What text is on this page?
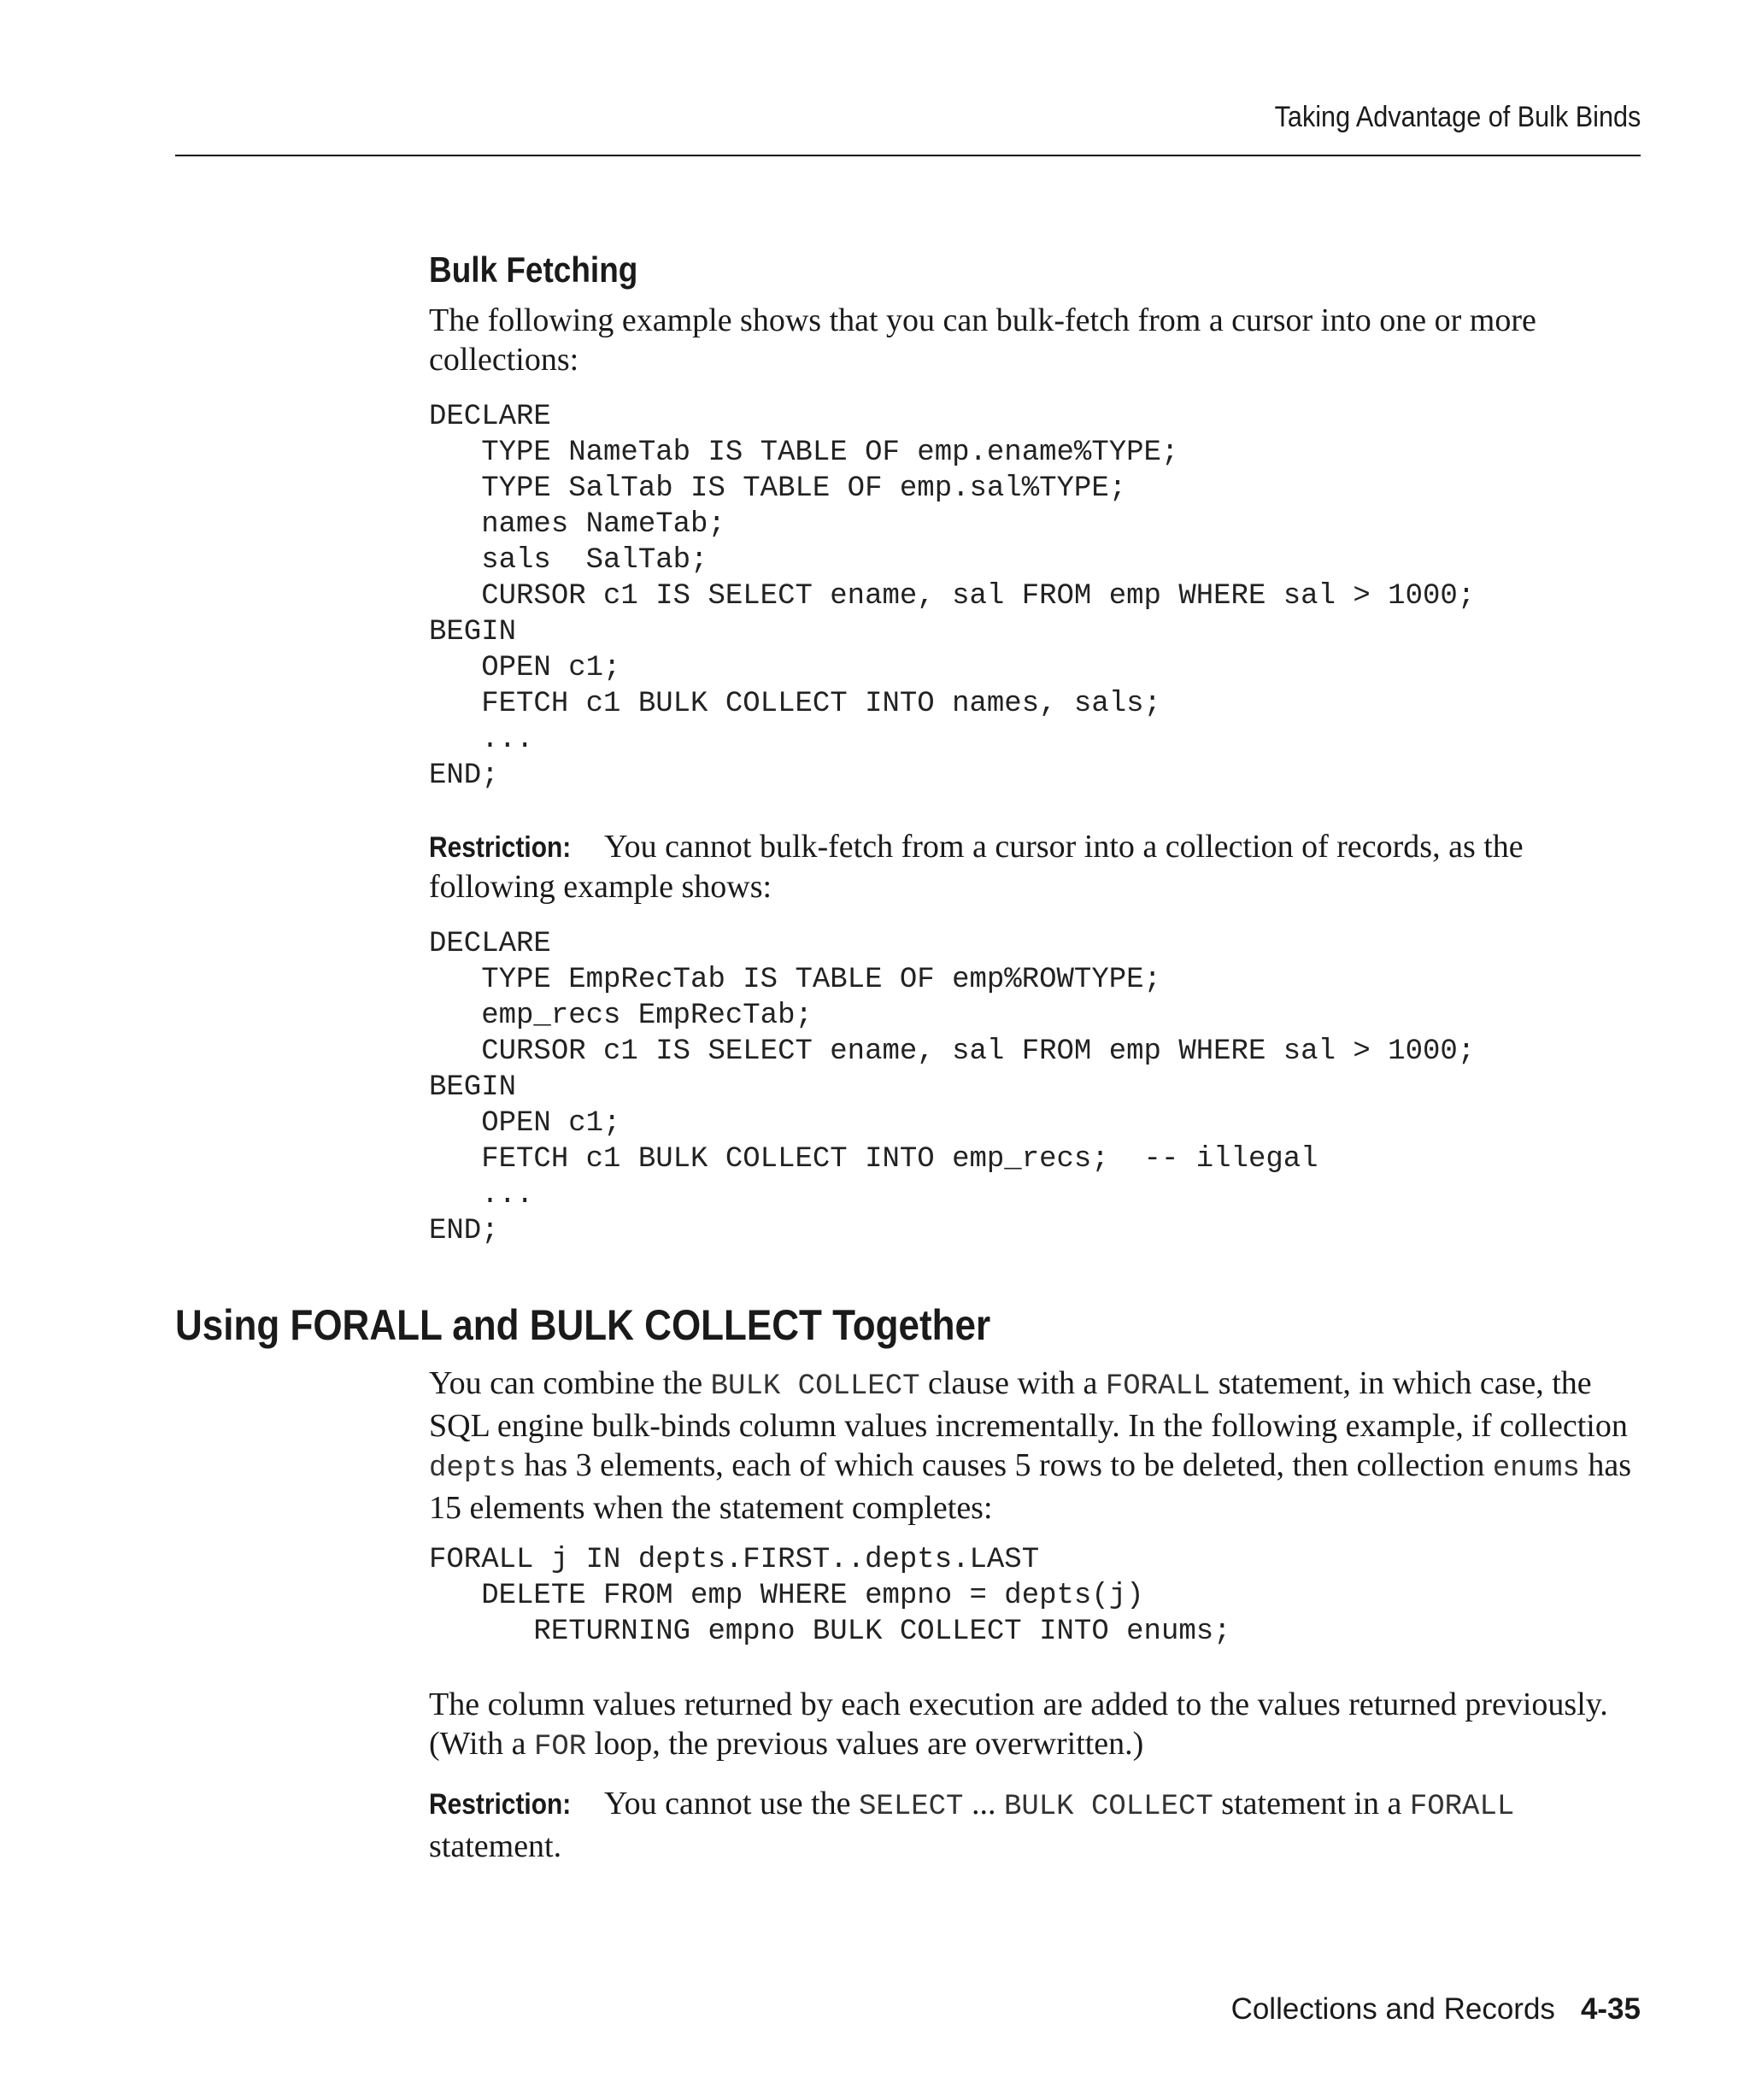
Taking Advantage of Bulk Binds
Bulk Fetching

The following example shows that you can bulk-fetch from a cursor into one or more collections:

DECLARE
TYPE NameTab IS TABLE OF emp.ename%TYPE;
TYPE SalTab IS TABLE OF emp.sal%TYPE;
names NameTab;
sals  SalTab;
CURSOR c1 IS SELECT ename, sal FROM emp WHERE sal > 1000;
BEGIN
OPEN c1;
FETCH c1 BULK COLLECT INTO names, sals;
...
END;

Restriction: You cannot bulk-fetch from a cursor into a collection of records, as the following example shows:

DECLARE
TYPE EmpRecTab IS TABLE OF emp%ROWTYPE;
emp_recs EmpRecTab;
CURSOR c1 IS SELECT ename, sal FROM emp WHERE sal > 1000;
BEGIN
OPEN c1;
FETCH c1 BULK COLLECT INTO emp_recs;  -- illegal
...
END;
Using FORALL and BULK COLLECT Together

You can combine the BULK COLLECT clause with a FORALL statement, in which case, the SQL engine bulk-binds column values incrementally. In the following example, if collection depts has 3 elements, each of which causes 5 rows to be deleted, then collection enums has 15 elements when the statement completes:

FORALL j IN depts.FIRST..depts.LAST
DELETE FROM emp WHERE empno = depts(j)
RETURNING empno BULK COLLECT INTO enums;

The column values returned by each execution are added to the values returned previously. (With a FOR loop, the previous values are overwritten.)

Restriction: You cannot use the SELECT ... BULK COLLECT statement in a FORALL statement.

Collections and Records 4-35
